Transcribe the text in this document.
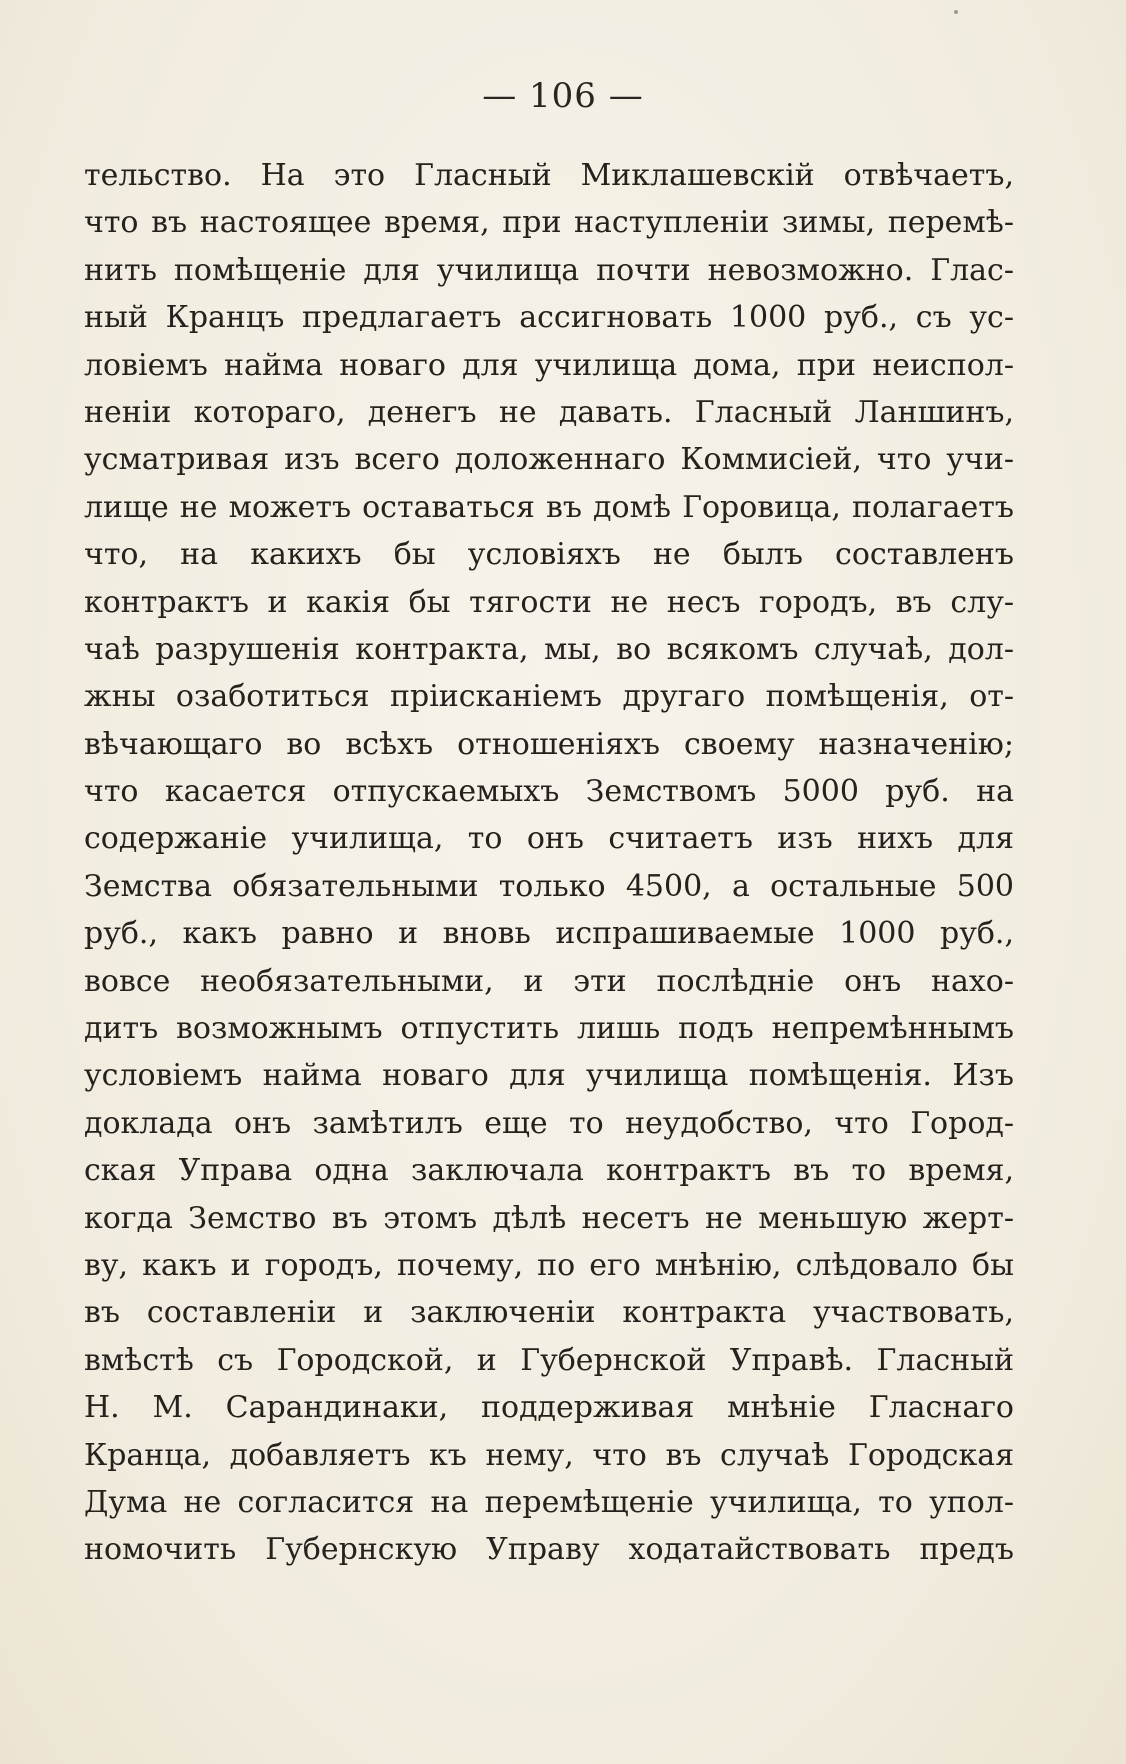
— 106 —
тельство. На это Гласный Миклашевскій отвѣчаетъ,
что въ настоящее время, при наступленіи зимы, перемѣ-
нить помѣщеніе для училища почти невозможно. Глас-
ный Кранцъ предлагаетъ ассигновать 1000 руб., съ ус-
ловіемъ найма новаго для училища дома, при неиспол-
неніи котораго, денегъ не давать. Гласный Ланшинъ,
усматривая изъ всего доложеннаго Коммисіей, что учи-
лище не можетъ оставаться въ домѣ Горовица, полагаетъ
что, на какихъ бы условіяхъ не былъ составленъ
контрактъ и какія бы тягости не несъ городъ, въ слу-
чаѣ разрушенія контракта, мы, во всякомъ случаѣ, дол-
жны озаботиться пріисканіемъ другаго помѣщенія, от-
вѣчающаго во всѣхъ отношеніяхъ своему назначенію;
что касается отпускаемыхъ Земствомъ 5000 руб. на
содержаніе училища, то онъ считаетъ изъ нихъ для
Земства обязательными только 4500, а остальные 500
руб., какъ равно и вновь испрашиваемые 1000 руб.,
вовсе необязательными, и эти послѣдніе онъ нахо-
дитъ возможнымъ отпустить лишь подъ непремѣннымъ
условіемъ найма новаго для училища помѣщенія. Изъ
доклада онъ замѣтилъ еще то неудобство, что Город-
ская Управа одна заключала контрактъ въ то время,
когда Земство въ этомъ дѣлѣ несетъ не меньшую жерт-
ву, какъ и городъ, почему, по его мнѣнію, слѣдовало бы
въ составленіи и заключеніи контракта участвовать,
вмѣстѣ съ Городской, и Губернской Управѣ. Гласный
Н. М. Сарандинаки, поддерживая мнѣніе Гласнаго
Кранца, добавляетъ къ нему, что въ случаѣ Городская
Дума не согласится на перемѣщеніе училища, то упол-
номочить Губернскую Управу ходатайствовать предъ
